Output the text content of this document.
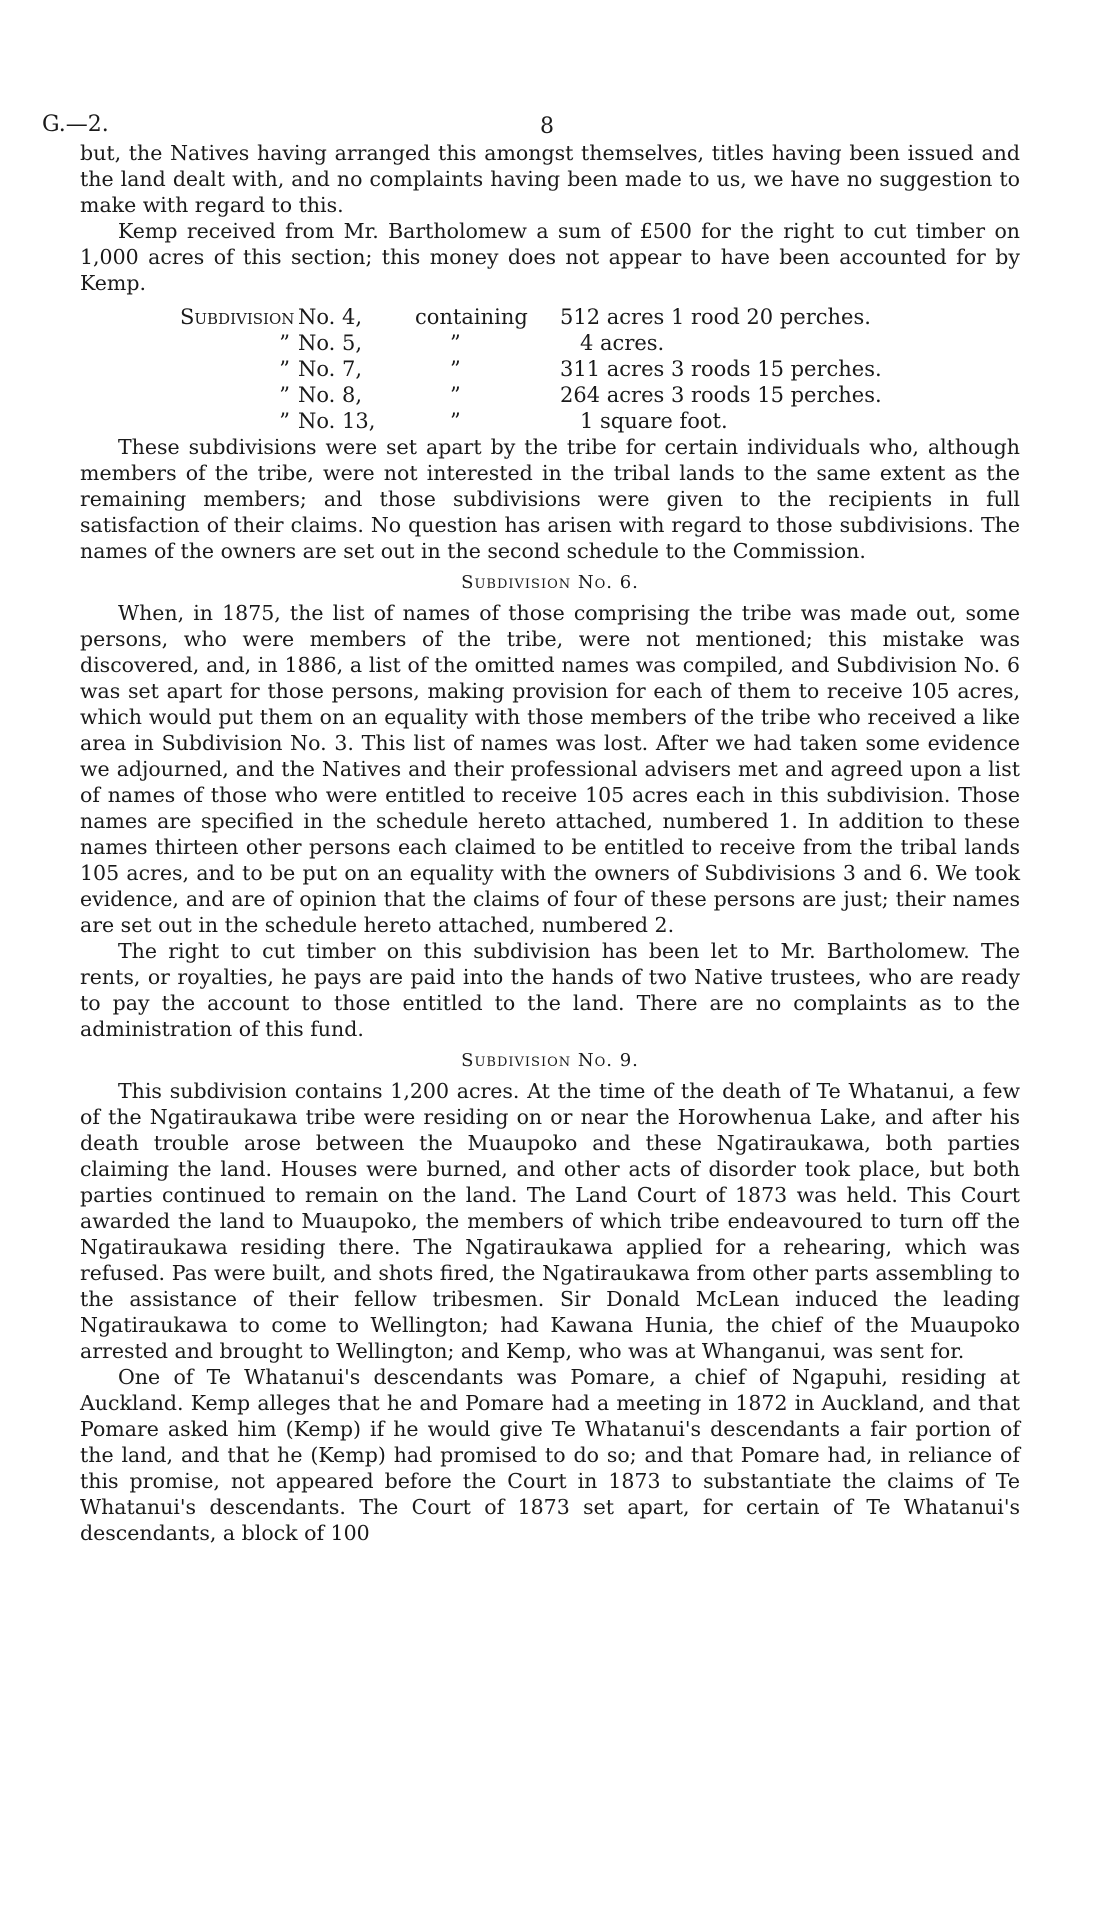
G.—2.	8

but, the Natives having arranged this amongst themselves, titles having been issued and the land dealt with, and no complaints having been made to us, we have no suggestion to make with regard to this.

Kemp received from Mr. Bartholomew a sum of £500 for the right to cut timber on 1,000 acres of this section; this money does not appear to have been accounted for by Kemp.

Subdivision No. 4,	containing 512 acres 1 rood 20 perches.
” No. 5,	”	4 acres.
” No. 7,	”	311 acres 3 roods 15 perches.
” No. 8,	”	264 acres 3 roods 15 perches.
” No. 13,	”	1 square foot.

These subdivisions were set apart by the tribe for certain individuals who, although members of the tribe, were not interested in the tribal lands to the same extent as the remaining members; and those subdivisions were given to the recipients in full satisfaction of their claims. No question has arisen with regard to those subdivisions. The names of the owners are set out in the second schedule to the Commission.

Subdivision No. 6.

When, in 1875, the list of names of those comprising the tribe was made out, some persons, who were members of the tribe, were not mentioned; this mistake was discovered, and, in 1886, a list of the omitted names was compiled, and Subdivision No. 6 was set apart for those persons, making provision for each of them to receive 105 acres, which would put them on an equality with those members of the tribe who received a like area in Subdivision No. 3. This list of names was lost. After we had taken some evidence we adjourned, and the Natives and their professional advisers met and agreed upon a list of names of those who were entitled to receive 105 acres each in this subdivision. Those names are specified in the schedule hereto attached, numbered 1. In addition to these names thirteen other persons each claimed to be entitled to receive from the tribal lands 105 acres, and to be put on an equality with the owners of Subdivisions 3 and 6. We took evidence, and are of opinion that the claims of four of these persons are just; their names are set out in the schedule hereto attached, numbered 2.

The right to cut timber on this subdivision has been let to Mr. Bartholomew. The rents, or royalties, he pays are paid into the hands of two Native trustees, who are ready to pay the account to those entitled to the land. There are no complaints as to the administration of this fund.

Subdivision No. 9.

This subdivision contains 1,200 acres. At the time of the death of Te Whatanui, a few of the Ngatiraukawa tribe were residing on or near the Horowhenua Lake, and after his death trouble arose between the Muaupoko and these Ngatiraukawa, both parties claiming the land. Houses were burned, and other acts of disorder took place, but both parties continued to remain on the land. The Land Court of 1873 was held. This Court awarded the land to Muaupoko, the members of which tribe endeavoured to turn off the Ngatiraukawa residing there. The Ngatiraukawa applied for a rehearing, which was refused. Pas were built, and shots fired, the Ngatiraukawa from other parts assembling to the assistance of their fellow tribesmen. Sir Donald McLean induced the leading Ngatiraukawa to come to Wellington; had Kawana Hunia, the chief of the Muaupoko arrested and brought to Wellington; and Kemp, who was at Whanganui, was sent for.

One of Te Whatanui's descendants was Pomare, a chief of Ngapuhi, residing at Auckland. Kemp alleges that he and Pomare had a meeting in 1872 in Auckland, and that Pomare asked him (Kemp) if he would give Te Whatanui's descendants a fair portion of the land, and that he (Kemp) had promised to do so; and that Pomare had, in reliance of this promise, not appeared before the Court in 1873 to substantiate the claims of Te Whatanui's descendants. The Court of 1873 set apart, for certain of Te Whatanui's descendants, a block of 100
